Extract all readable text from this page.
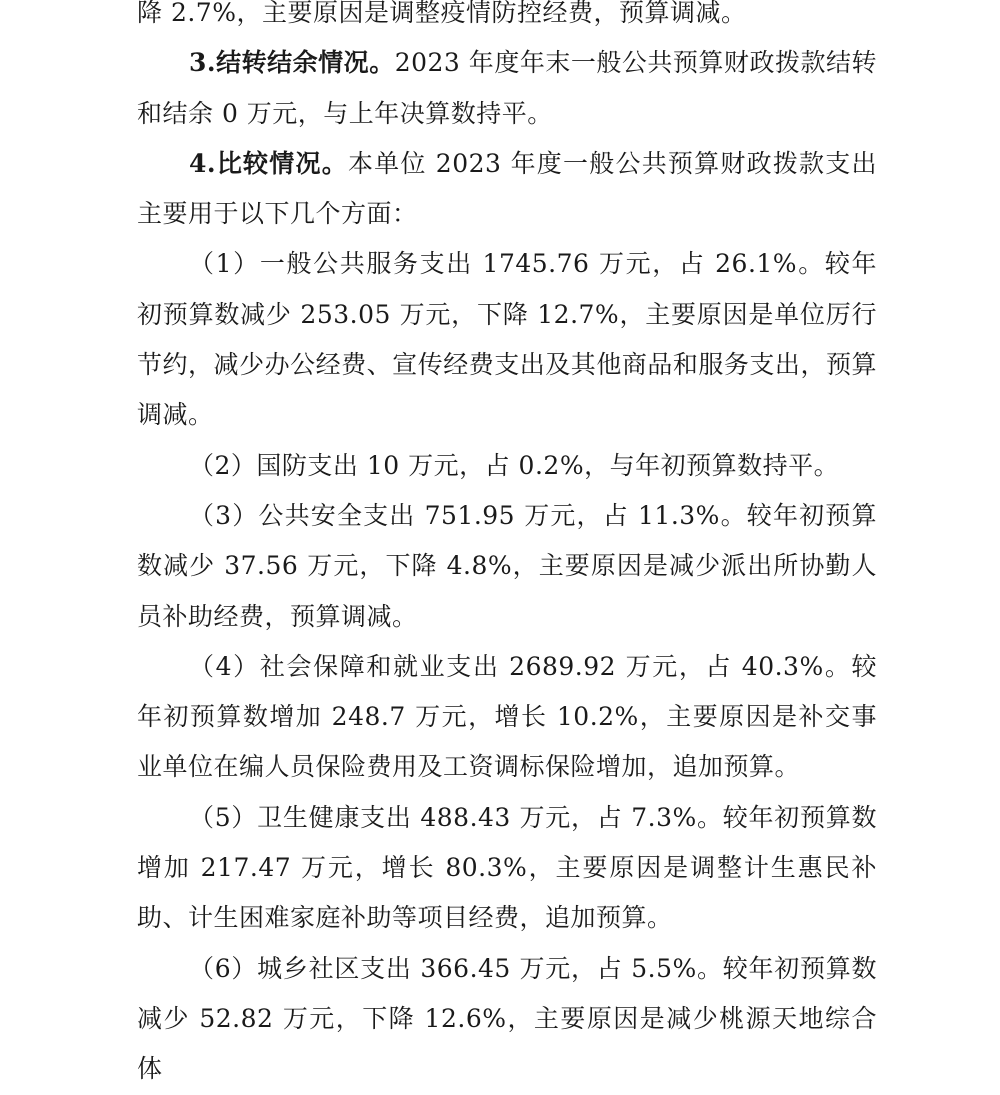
降 2.7%，主要原因是调整疫情防控经费，预算调减。

3.结转结余情况。2023 年度年末一般公共预算财政拨款结转和结余 0 万元，与上年决算数持平。

4.比较情况。本单位 2023 年度一般公共预算财政拨款支出主要用于以下几个方面：

（1）一般公共服务支出 1745.76 万元，占 26.1%。较年初预算数减少 253.05 万元，下降 12.7%，主要原因是单位厉行节约，减少办公经费、宣传经费支出及其他商品和服务支出，预算调减。

（2）国防支出 10 万元，占 0.2%，与年初预算数持平。

（3）公共安全支出 751.95 万元，占 11.3%。较年初预算数减少 37.56 万元，下降 4.8%，主要原因是减少派出所协勤人员补助经费，预算调减。

（4）社会保障和就业支出 2689.92 万元，占 40.3%。较年初预算数增加 248.7 万元，增长 10.2%，主要原因是补交事业单位在编人员保险费用及工资调标保险增加，追加预算。

（5）卫生健康支出 488.43 万元，占 7.3%。较年初预算数增加 217.47 万元，增长 80.3%，主要原因是调整计生惠民补助、计生困难家庭补助等项目经费，追加预算。

（6）城乡社区支出 366.45 万元，占 5.5%。较年初预算数减少 52.82 万元，下降 12.6%，主要原因是减少桃源天地综合体
